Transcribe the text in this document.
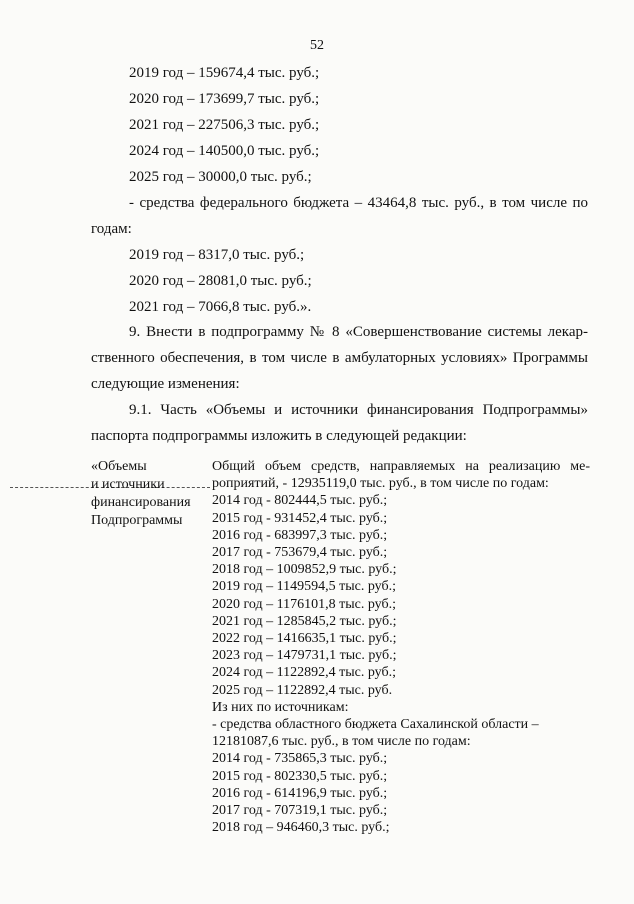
52
2019 год – 159674,4 тыс. руб.;
2020 год – 173699,7 тыс. руб.;
2021 год – 227506,3 тыс. руб.;
2024 год – 140500,0 тыс. руб.;
2025 год – 30000,0 тыс. руб.;
- средства федерального бюджета – 43464,8 тыс. руб., в том числе по
годам:
2019 год – 8317,0 тыс. руб.;
2020 год – 28081,0 тыс. руб.;
2021 год – 7066,8 тыс. руб.».
9. Внести в подпрограмму № 8 «Совершенствование системы лекар-
ственного обеспечения, в том числе в амбулаторных условиях» Программы
следующие изменения:
9.1. Часть «Объемы и источники финансирования Подпрограммы»
паспорта подпрограммы изложить в следующей редакции:
«Объемы
и источники
финансирования
Подпрограммы
Общий объем средств, направляемых на реализацию ме-
роприятий, - 12935119,0 тыс. руб., в том числе по годам:
2014 год - 802444,5 тыс. руб.;
2015 год - 931452,4 тыс. руб.;
2016 год - 683997,3 тыс. руб.;
2017 год - 753679,4 тыс. руб.;
2018 год – 1009852,9 тыс. руб.;
2019 год – 1149594,5 тыс. руб.;
2020 год – 1176101,8 тыс. руб.;
2021 год – 1285845,2 тыс. руб.;
2022 год – 1416635,1 тыс. руб.;
2023 год – 1479731,1 тыс. руб.;
2024 год – 1122892,4 тыс. руб.;
2025 год – 1122892,4 тыс. руб.
Из них по источникам:
- средства областного бюджета Сахалинской области –
12181087,6 тыс. руб., в том числе по годам:
2014 год - 735865,3 тыс. руб.;
2015 год - 802330,5 тыс. руб.;
2016 год - 614196,9 тыс. руб.;
2017 год - 707319,1 тыс. руб.;
2018 год – 946460,3 тыс. руб.;
